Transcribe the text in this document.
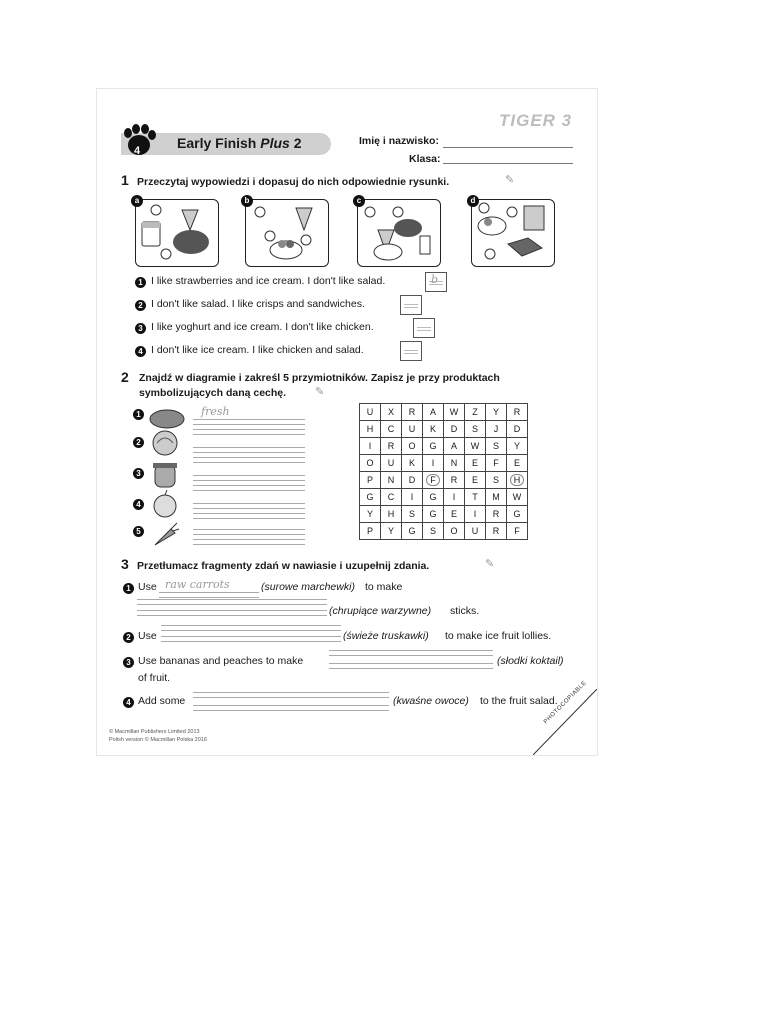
4	Early Finish Plus 2
TIGER 3
Imię i nazwisko:
Klasa:
1 Przeczytaj wypowiedzi i dopasuj do nich odpowiednie rysunki.	✎
a	b	c	d
1 I like strawberries and ice cream. I don't like salad.	b
2 I don't like salad. I like crisps and sandwiches.
3 I like yoghurt and ice cream. I don't like chicken.
4 I don't like ice cream. I like chicken and salad.
2 Znajdź w diagramie i zakreśl 5 przymiotników. Zapisz je przy produktach
symbolizujących daną cechę.	✎
1	fresh
2
3
4
5
U	X	R	A	W	Z	Y	R
H	C	U	K	D	S	J	D
I	R	O	G	A	W	S	Y
O	U	K	I	N	E	F	E
P	N	D	F	R	E	S	H
G	C	I	G	I	T	M	W
Y	H	S	G	E	I	R	G
P	Y	G	S	O	U	R	F
3 Przetłumacz fragmenty zdań w nawiasie i uzupełnij zdania.	✎
1 Use raw carrots	(surowe marchewki) to make
(chrupiące warzywne) sticks.
2 Use	(świeże truskawki) to make ice fruit lollies.
3 Use bananas and peaches to make	(słodki koktail)
of fruit.
4 Add some	(kwaśne owoce) to the fruit salad.
© Macmillan Publishers Limited 2013
Polish version © Macmillan Polska 2016
PHOTOCOPIABLE
